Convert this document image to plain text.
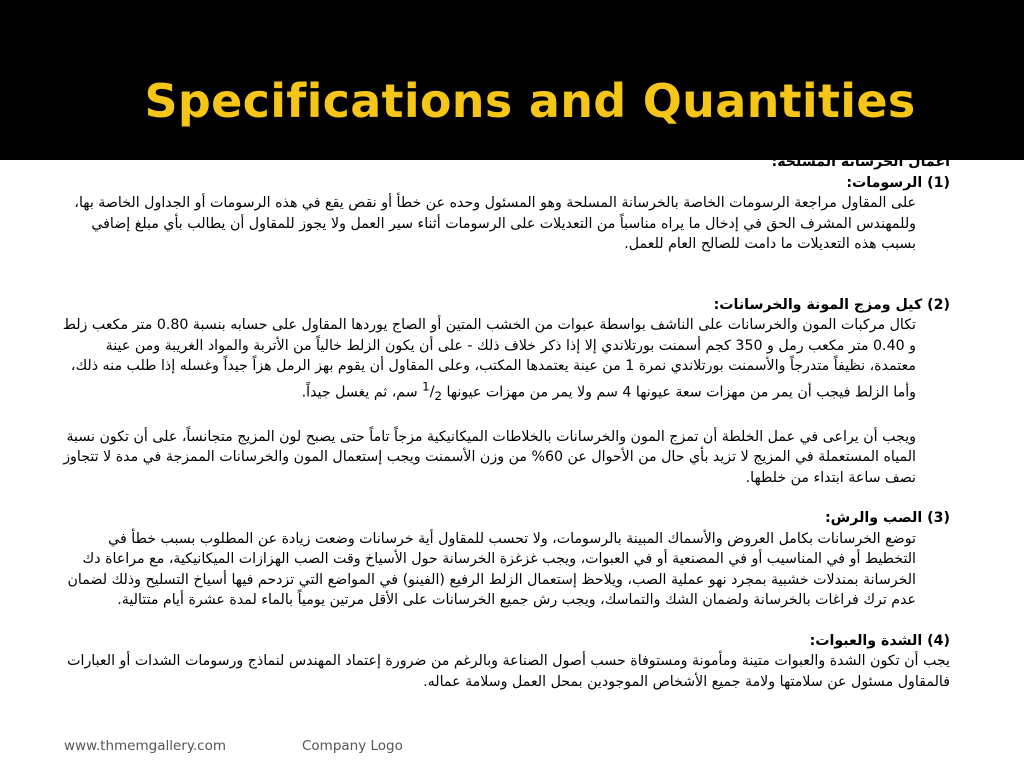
Specifications and Quantities

أعمال الخرسانة المسلحة:

(1) الرسومات:

على المقاول مراجعة الرسومات الخاصة بالخرسانة المسلحة وهو المسئول وحده عن خطأ أو نقص يقع في هذه الرسومات أو الجداول الخاصة بها، وللمهندس المشرف الحق في إدخال ما يراه مناسباً من التعديلات على الرسومات أثناء سير العمل ولا يجوز للمقاول أن يطالب بأي مبلغ إضافي بسبب هذه التعديلات ما دامت للصالح العام للعمل.

(2) كيل ومزج المونة والخرسانات:

تكال مركبات المون والخرسانات على الناشف بواسطة عبوات من الخشب المتين أو الصاج يوردها المقاول على حسابه بنسبة 0.80 متر مكعب زلط و 0.40 متر مكعب رمل و 350 كجم أسمنت بورتلاندي إلا إذا ذكر خلاف ذلك - على أن يكون الزلط خالياً من الأتربة والمواد الغريبة ومن عينة معتمدة، نظيفاً متدرجاً والأسمنت بورتلاندي نمرة 1 من عينة يعتمدها المكتب، وعلى المقاول أن يقوم بهز الرمل هزاً جيداً وغسله إذا طلب منه ذلك، وأما الزلط فيجب أن يمر من مهزات سعة عيونها 4 سم ولا يمر من مهزات عيونها $^1/_2$ سم، ثم يغسل جيداً.

ويجب أن يراعى في عمل الخلطة أن تمزج المون والخرسانات بالخلاطات الميكانيكية مزجاً تاماً حتى يصبح لون المزيج متجانساً، على أن تكون نسبة المياه المستعملة في المزيج لا تزيد بأي حال من الأحوال عن 60% من وزن الأسمنت ويجب إستعمال المون والخرسانات الممزجة في مدة لا تتجاوز نصف ساعة ابتداء من خلطها.

(3) الصب والرش:

توضع الخرسانات بكامل العروض والأسماك المبينة بالرسومات، ولا تحسب للمقاول أية خرسانات وضعت زيادة عن المطلوب بسبب خطأ في التخطيط أو في المناسيب أو في المصنعية أو في العبوات، ويجب غزغزة الخرسانة حول الأسياخ وقت الصب الهزازات الميكانيكية، مع مراعاة دك الخرسانة بمندلات خشبية بمجرد نهو عملية الصب، ويلاحظ إستعمال الزلط الرفيع (الفينو) في المواضع التي تزدحم فيها أسياخ التسليح وذلك لضمان عدم ترك فراغات بالخرسانة ولضمان الشك والتماسك، ويجب رش جميع الخرسانات على الأقل مرتين يومياً بالماء لمدة عشرة أيام متتالية.

(4) الشدة والعبوات:

يجب أن تكون الشدة والعبوات متينة ومأمونة ومستوفاة حسب أصول الصناعة وبالرغم من ضرورة إعتماد المهندس لنماذج ورسومات الشدات أو العبارات فالمقاول مسئول عن سلامتها ولامة جميع الأشخاص الموجودين بمحل العمل وسلامة عماله.

www.thmemgallery.com	Company Logo
